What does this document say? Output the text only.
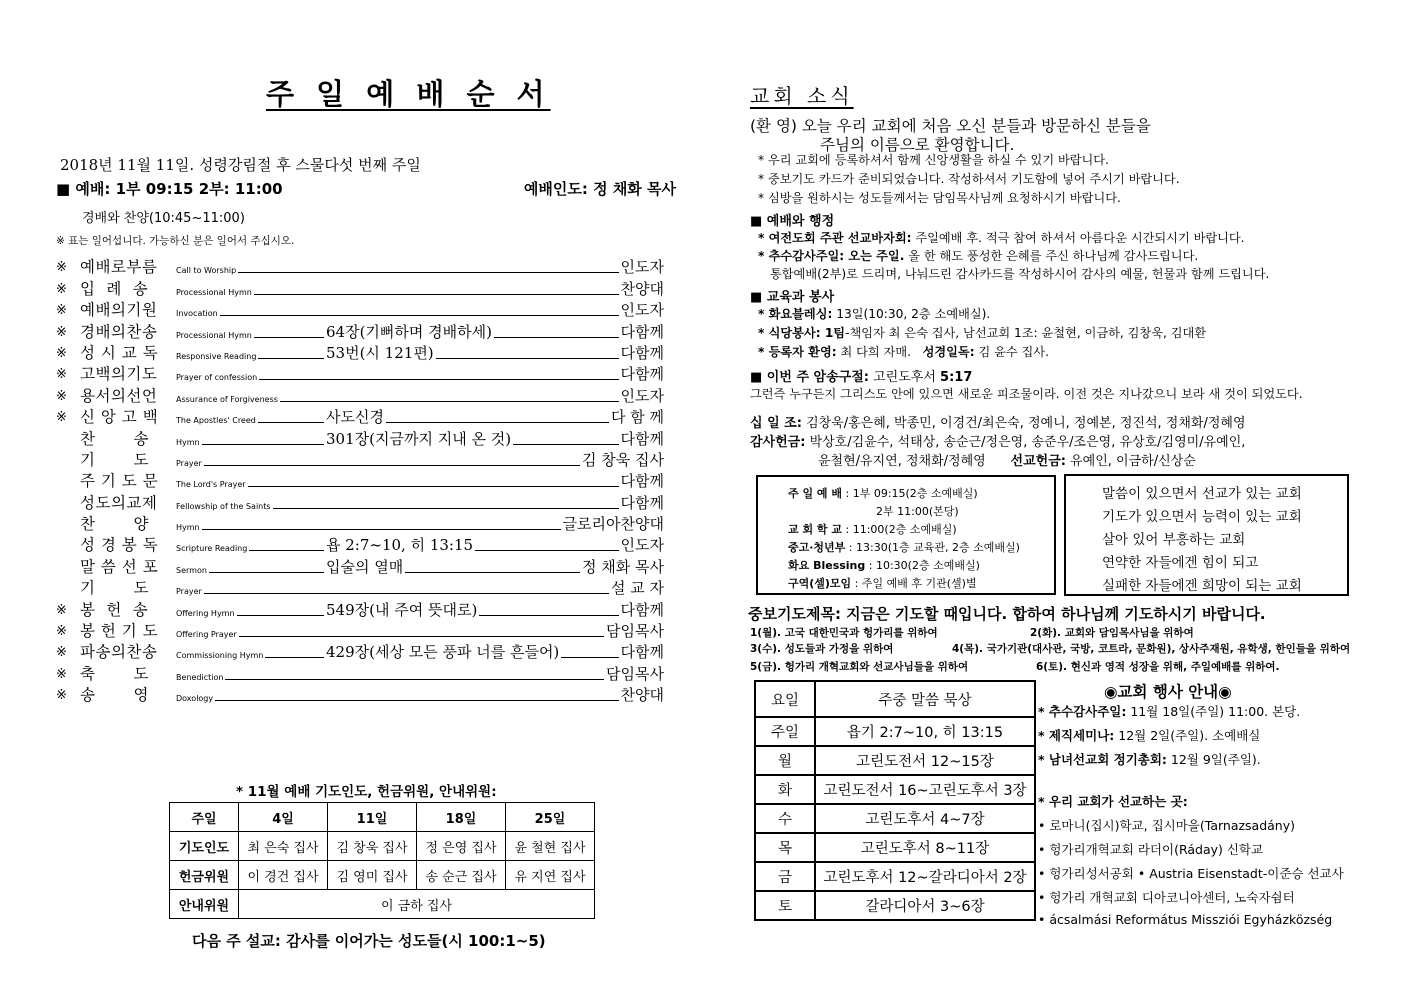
주 일 예 배 순 서
2018년 11월 11일. 성령강림절 후 스물다섯 번째 주일
■ 예배: 1부 09:15 2부: 11:00	예배인도: 정 채화 목사
경배와 찬양(10:45~11:00)
※ 표는 일어섭니다. 가능하신 분은 일어서 주십시오.
※ 예배로부름	Call to Worship	인도자
※ 입  례  송	Processional Hymn	찬양대
※ 예배의기원	Invocation	인도자
※ 경배의찬송	Processional Hymn	64장(기뻐하며 경배하세)	다함께
※ 성 시 교 독	Responsive Reading	53번(시 121편)	다함께
※ 고백의기도	Prayer of confession	다함께
※ 용서의선언	Assurance of Forgiveness	인도자
※ 신 앙 고 백	The Apostles' Creed	사도신경	다 함 께
찬       송	Hymn	301장(지금까지 지내 온 것)	다함께
기       도	Prayer	김 창욱 집사
주 기 도 문	The Lord's Prayer	다함께
성도의교제	Fellowship of the Saints	다함께
찬       양	Hymn	글로리아찬양대
성 경 봉 독	Scripture Reading	욥 2:7~10, 히 13:15	인도자
말 씀 선 포	Sermon	입술의 열매	정 채화 목사
기       도	Prayer	설 교 자
※ 봉  헌  송	Offering Hymn	549장(내 주여 뜻대로)	다함께
※ 봉 헌 기 도	Offering Prayer	담임목사
※ 파송의찬송	Commissioning Hymn	429장(세상 모든 풍파 너를 흔들어)	다함께
※ 축       도	Benediction	담임목사
※ 송       영	Doxology	찬양대
* 11월 예배 기도인도, 헌금위원, 안내위원:
주일	4일	11일	18일	25일
기도인도	최 은숙 집사	김 창욱 집사	정 은영 집사	윤 철현 집사
헌금위원	이 경건 집사	김 영미 집사	송 순근 집사	유 지연 집사
안내위원	이 금하 집사			
다음 주 설교: 감사를 이어가는 성도들(시 100:1~5)
교회 소식
(환 영) 오늘 우리 교회에 처음 오신 분들과 방문하신 분들을
주님의 이름으로 환영합니다.
* 우리 교회에 등록하셔서 함께 신앙생활을 하실 수 있기 바랍니다.
* 중보기도 카드가 준비되었습니다. 작성하셔서 기도함에 넣어 주시기 바랍니다.
* 심방을 원하시는 성도들께서는 담임목사님께 요청하시기 바랍니다.
■ 예배와 행정
* 여전도회 주관 선교바자회: 주일예배 후. 적극 참여 하셔서 아름다운 시간되시기 바랍니다.
* 추수감사주일: 오는 주일. 올 한 해도 풍성한 은혜를 주신 하나님께 감사드립니다.
통합예배(2부)로 드리며, 나눠드린 감사카드를 작성하시어 감사의 예물, 헌물과 함께 드립니다.
■ 교육과 봉사
* 화요블레싱: 13일(10:30, 2층 소예배실).
* 식당봉사: 1팀-책임자 최 은숙 집사, 남선교회 1조: 윤철현, 이금하, 김창욱, 김대환
* 등록자 환영: 최 다희 자매. 성경일독: 김 윤수 집사.
■ 이번 주 암송구절: 고린도후서 5:17
그런즉 누구든지 그리스도 안에 있으면 새로운 피조물이라. 이전 것은 지나갔으니 보라 새 것이 되었도다.
십 일 조: 김창욱/홍은혜, 박종민, 이경건/최은숙, 정예니, 정예본, 정진석, 정채화/정혜영
감사헌금: 박상호/김윤수, 석태상, 송순근/정은영, 송준우/조은영, 유상호/김영미/유예인,
윤철현/유지연, 정채화/정혜영 선교헌금: 유예인, 이금하/신상순
주 일 예 배 : 1부 09:15(2층 소예배실)
2부 11:00(본당)
교 회 학 교 : 11:00(2층 소예배실)
중고·청년부 : 13:30(1층 교육관, 2층 소예배실)
화요 Blessing : 10:30(2층 소예배실)
구역(셀)모임 : 주일 예배 후 기관(셀)별
말씀이 있으면서 선교가 있는 교회
기도가 있으면서 능력이 있는 교회
살아 있어 부흥하는 교회
연약한 자들에겐 힘이 되고
실패한 자들에겐 희망이 되는 교회
중보기도제목: 지금은 기도할 때입니다. 합하여 하나님께 기도하시기 바랍니다.
1(월). 고국 대한민국과 헝가리를 위하여	2(화). 교회와 담임목사님을 위하여
3(수). 성도들과 가정을 위하여	4(목). 국가기관(대사관, 국방, 코트라, 문화원), 상사주재원, 유학생, 한인들을 위하여
5(금). 헝가리 개혁교회와 선교사님들을 위하여	6(토). 현신과 영적 성장을 위해, 주일예배를 위하여.
요일	주중 말씀 묵상
주일	욥기 2:7~10, 히 13:15
월	고린도전서 12~15장
화	고린도전서 16~고린도후서 3장
수	고린도후서 4~7장
목	고린도후서 8~11장
금	고린도후서 12~갈라디아서 2장
토	갈라디아서 3~6장
◉교회 행사 안내◉
* 추수감사주일: 11월 18일(주일) 11:00. 본당.
* 제직세미나: 12월 2일(주일). 소예배실
* 남녀선교회 정기총회: 12월 9일(주일).
* 우리 교회가 선교하는 곳:
• 로마니(집시)학교, 집시마을(Tarnazsadány)
• 헝가리개혁교회 라더이(Ráday) 신학교
• 헝가리성서공회 • Austria Eisenstadt-이준승 선교사
• 헝가리 개혁교회 디아코니아센터, 노숙자쉼터
• ácsalmási Református Missziói Egyházközség
